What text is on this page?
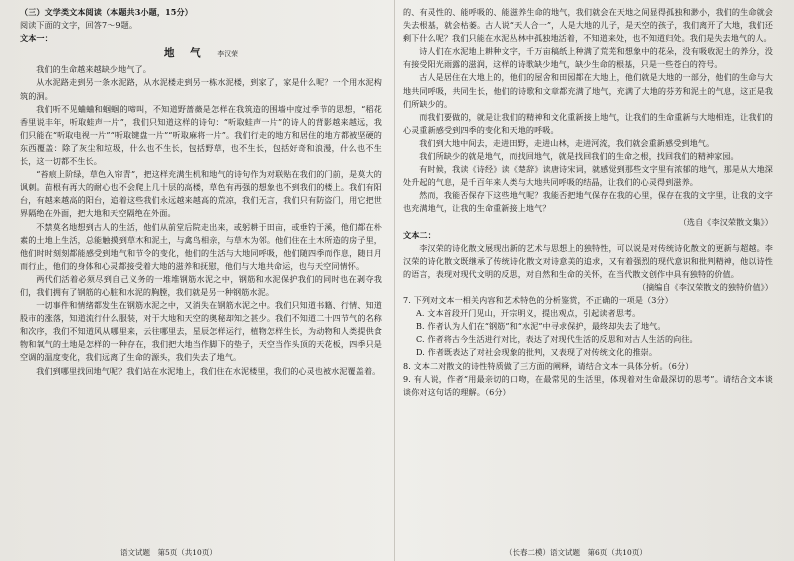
（三）文学类文本阅读（本题共3小题，15分）

阅读下面的文字，回答7～9题。

文本一：

地 气 李汉荣

我们的生命越来越缺少地气了。

从水泥路走到另一条水泥路，从水泥楼走到另一栋水泥楼，到家了，家是什么呢？一个用水泥构筑的洞。

我们听不见蛐蛐和蝈蝈的啼叫，不知道野蔷薇是怎样在我筑造的围墙中度过季节的思想，“稻花香里说丰年，听取蛙声一片”，我们只知道这样的诗句：“听取蛙声一片”的诗人的背影越来越远，我们只能在“听取电视一片”“听取键盘一片”“听取麻将一片”。我们行走的地方和居住的地方都被坚硬的东西覆盖：除了灰尘和垃圾，什么也不生长，包括野草，也不生长，包括好奇和浪漫，什么也不生长，这一切都不生长。

“苔痕上阶绿，草色入帘青”，把这样充满生机和地气的诗句作为对联贴在我们的门前，是莫大的讽刺。苗根有再大的耐心也不会爬上几十层的高楼，草色有再强的想象也不到我们的楼上。我们有阳台，有越来越高的阳台，追着这些我们永远越来越高的荒凉，我们无言，我们只有防盗门，用它把世界隔绝在外面，把大地和天空隔绝在外面。

不禁莫名地想到古人的生活，他们从前堂后院走出来，或躬耕于田亩，或垂钓于溪，他们都在朴素的土地上生活，总能触摸到草木和泥土，与禽鸟相亲，与草木为邻。他们住在土木所造的房子里，他们时时刻刻都能感受到地气和节令的变化，他们的生活与大地同呼吸，他们随四季而作息，随日月而行止，他们的身体和心灵都接受着大地的滋养和抚慰，他们与大地共命运，也与天空同情怀。

两代们活着必须尽到自己义务的一堆堆钢筋水泥之中，钢筋和水泥保护我们的同时也在剥夺我们，我们拥有了钢筋的心脏和水泥的胸膛，我们就是另一种钢筋水泥。

一切事件和情绪都发生在钢筋水泥之中，又消失在钢筋水泥之中。我们只知道书籍、行情、知道股市的涨落，知道流行什么服装，对于大地和天空的奥秘却知之甚少。我们不知道二十四节气的名称和次序，我们不知道风从哪里来，云往哪里去，星辰怎样运行，植物怎样生长，为动物和人类提供食物和氧气的土地是怎样的一种存在，我们把大地当作脚下的垫子，天空当作头顶的天花板，四季只是空调的温度变化，我们远离了生命的源头，我们失去了地气。

我们到哪里找回地气呢？我们站在水泥地上，我们住在水泥楼里，我们的心灵也被水泥覆盖着。

的、有灵性的、能呼吸的、能滋养生命的地气，我们就会在天地之间显得孤独和渺小，我们的生命就会失去根基，就会枯萎。古人说“天人合一”，人是大地的儿子，是天空的孩子，我们离开了大地，我们还剩下什么呢？我们只能在水泥丛林中孤独地活着，不知道来处，也不知道归处。我们是失去地气的人。

诗人们在水泥地上耕种文字，千万亩稿纸上种满了荒芜和想象中的花朵，没有吸收泥土的养分，没有接受阳光雨露的滋润，这样的诗歌缺少地气，缺少生命的根基，只是一些苍白的符号。

古人是居住在大地上的，他们的屋舍和田园都在大地上，他们就是大地的一部分，他们的生命与大地共同呼吸，共同生长，他们的诗歌和文章都充满了地气，充满了大地的芬芳和泥土的气息，这正是我们所缺少的。

而我们要做的，就是让我们的精神和文化重新接上地气，让我们的生命重新与大地相连，让我们的心灵重新感受到四季的变化和天地的呼吸。

我们到大地中间去，走进田野，走进山林，走进河流，我们就会重新感受到地气。

我们所缺少的就是地气，而找回地气，就是找回我们的生命之根，找回我们的精神家园。

有时候，我读《诗经》读《楚辞》读唐诗宋词，就感觉到那些文字里有浓郁的地气，那是从大地深处升起的气息，是千百年来人类与大地共同呼吸的结晶，让我们的心灵得到滋养。

然而，我能否保存下这些地气呢？我能否把地气保存在我的心里，保存在我的文字里，让我的文字也充满地气，让我的生命重新接上地气？

（选自《李汉荣散文集》）

文本二：

李汉荣的诗化散文展现出新的艺术与思想上的独特性，可以说是对传统诗化散文的更新与超越。李汉荣的诗化散文既继承了传统诗化散文对诗意美的追求，又有着强烈的现代意识和批判精神，他以诗性的语言，表现对现代文明的反思，对自然和生命的关怀，在当代散文创作中具有独特的价值。

（摘编自《李汉荣散文的独特价值》）

7. 下列对文本一相关内容和艺术特色的分析鉴赏，不正确的一项是（3分）

A. 文本首段开门见山，开宗明义，提出观点，引起读者思考。

B. 作者认为人们在“钢筋”和“水泥”中寻求保护，最终却失去了地气。

C. 作者将古今生活进行对比，表达了对现代生活的反思和对古人生活的向往。

D. 作者既表达了对社会现象的批判，又表现了对传统文化的推崇。

8. 文本二对散文的诗性特质做了三方面的阐释，请结合文本一具体分析。（6分）

9. 有人说，作者“用最亲切的口吻，在最常见的生活里，体现着对生命最深切的思考”。请结合文本谈谈你对这句话的理解。（6分）

语文试题　第5页（共10页）	（长春二模）语文试题　第6页（共10页）
